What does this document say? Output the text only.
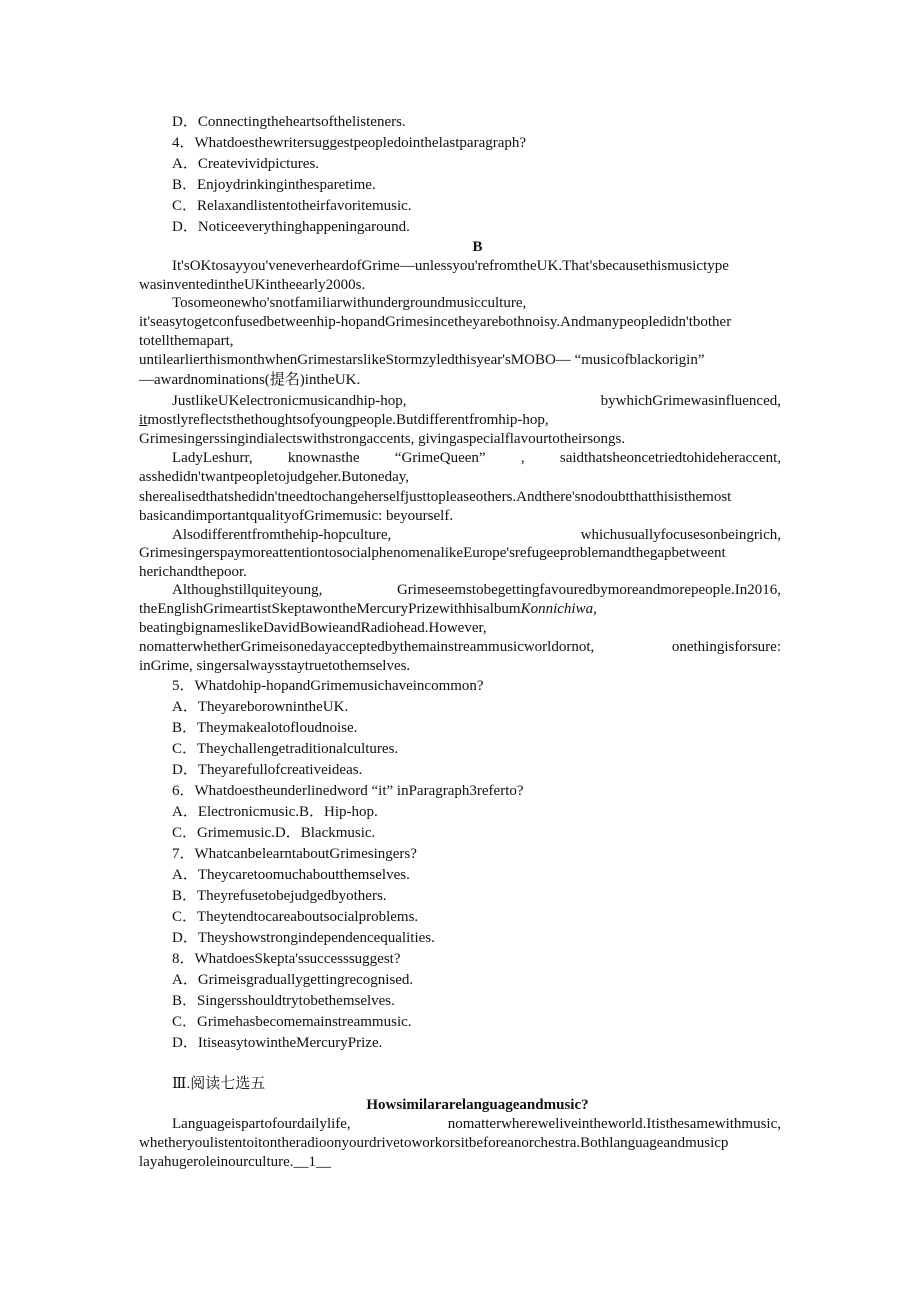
D．Connectingtheheartsofthelisteners.
4．Whatdoesthewritersuggestpeopledointhelastparagraph?
A．Createvividpictures.
B．Enjoydrinkinginthesparetime.
C．Relaxandlistentotheirfavoritemusic.
D．Noticeeverythinghappeningaround.
B
It'sOKtosayyou'veneverheardofGrime—unlessyou'refromtheUK.That'sbecausethismusictype
wasinventedintheUKintheearly2000s.
Tosomeonewho'snotfamiliarwithundergroundmusicculture,
it'seasytogetconfusedbetweenhip-hopandGrimesincetheyarebothnoisy.Andmanypeopledidn'tbother
totellthemapart,
untilearlierthismonthwhenGrimestarslikeStormzyledthisyear'sMOBO— “musicofblackorigin”
—awardnominations(提名)intheUK.
JustlikeUKelectronicmusicandhip-hop, bywhichGrimewasinfluenced,
itmostlyreflectsthethoughtsofyoungpeople.Butdifferentfromhip-hop,
Grimesingerssingindialectswithstrongaccents, givingaspecialflavourtotheirsongs.
LadyLeshurr, knownasthe “GrimeQueen” , saidthatsheoncetriedtohideheraccent,
asshedidn'twantpeopletojudgeher.Butoneday,
sherealisedthatshedidn'tneedtochangeherselfjusttopleaseothers.Andthere'snodoubtthatthisisthemost
basicandimportantqualityofGrimemusic: beyourself.
Alsodifferentfromthehip-hopculture, whichusuallyfocusesonbeingrich,
GrimesingerspaymoreattentiontosocialphenomenalikeEurope'srefugeeproblemandthegapbetweent
herichandthepoor.
Althoughstillquiteyoung, Grimeseemstobegettingfavouredbymoreandmorepeople.In2016,
theEnglishGrimeartistSkeptawontheMercuryPrizewithhisalbumKonnichiwa,
beatingbignameslikeDavidBowieandRadiohead.However,
nomatterwhetherGrimeisonedayacceptedbythemainstreammusicworldornot, onethingisforsure:
inGrime, singersalwaysstaytruetothemselves.
5．Whatdohip-hopandGrimemusichaveincommon?
A．TheyareborownintheUK.
B．Theymakealotofloudnoise.
C．Theychallengetraditionalcultures.
D．Theyarefullofcreativeideas.
6．Whatdoestheunderlinedword “it” inParagraph3referto?
A．Electronicmusic.B．Hip-hop.
C．Grimemusic.D．Blackmusic.
7．WhatcanbelearntaboutGrimesingers?
A．Theycaretoomuchaboutthemselves.
B．Theyrefusetobejudgedbyothers.
C．Theytendtocareaboutsocialproblems.
D．Theyshowstrongindependencequalities.
8．WhatdoesSkepta'ssuccesssuggest?
A．Grimeisgraduallygettingrecognised.
B．Singersshouldtrytobethemselves.
C．Grimehasbecomemainstreammusic.
D．ItiseasytowintheMercuryPrize.
Ⅲ.阅读七选五
Howsimilararelanguageandmusic?
Languageispartofourdailylife, nomatterwhereweliveintheworld.Itisthesamewithmusic,
whetheryoulistentoitontheradioonyourdrivetoworkorsitbeforeanorchestra.Bothlanguageandmusicp
layahugeroleinourculture.__1__
